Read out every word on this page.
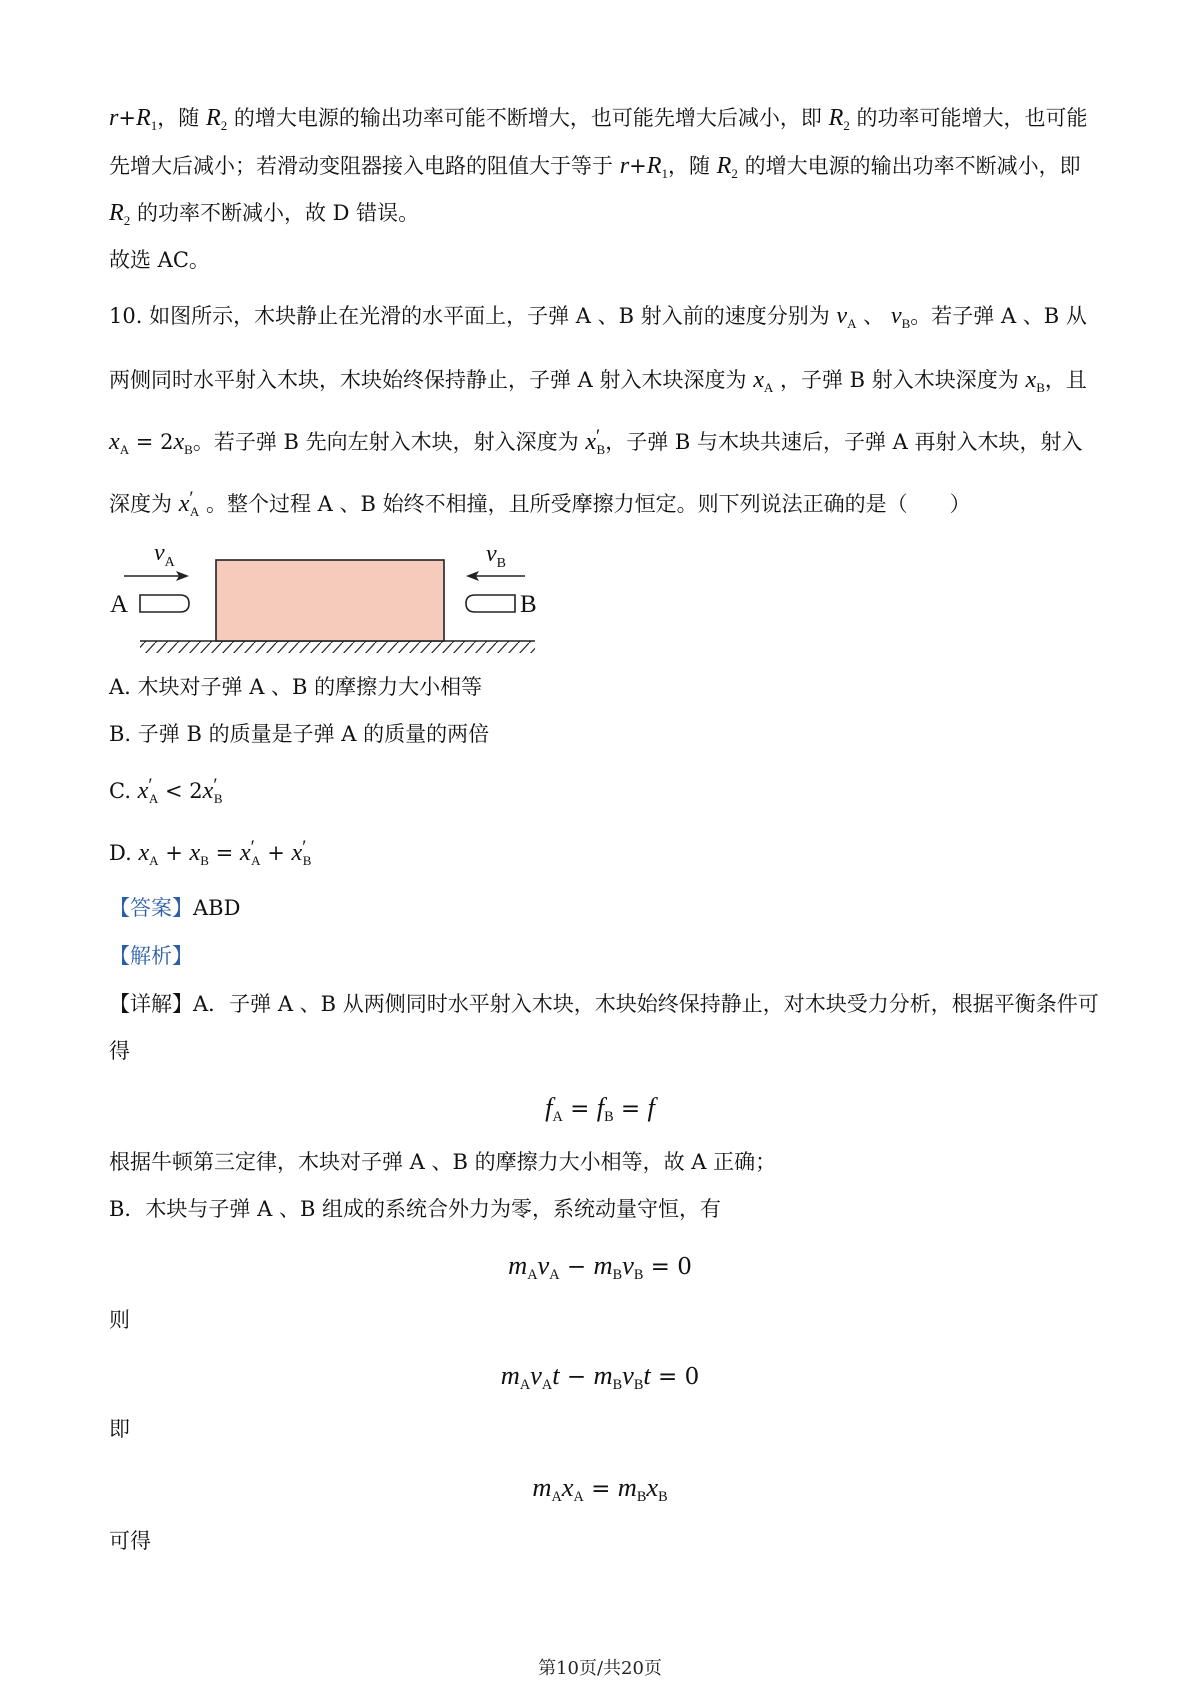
$r+R_1$，随 $R_2$ 的增大电源的输出功率可能不断增大，也可能先增大后减小，即 $R_2$ 的功率可能增大，也可能
先增大后减小；若滑动变阻器接入电路的阻值大于等于 $r+R_1$，随 $R_2$ 的增大电源的输出功率不断减小，即
$R_2$ 的功率不断减小，故 D 错误。
故选 AC。
10. 如图所示，木块静止在光滑的水平面上，子弹 A 、B 射入前的速度分别为 $v_A$ 、 $v_B$。若子弹 A 、B 从
两侧同时水平射入木块，木块始终保持静止，子弹 A 射入木块深度为 $x_A$ ，子弹 B 射入木块深度为 $x_B$，且
$x_A = 2x_B$。若子弹 B 先向左射入木块，射入深度为 $x'_B$，子弹 B 与木块共速后，子弹 A 再射入木块，射入
深度为 $x'_A$ 。整个过程 A 、B 始终不相撞，且所受摩擦力恒定。则下列说法正确的是（　　）
A
$v_A$
B
$v_B$
A. 木块对子弹 A 、B 的摩擦力大小相等
B. 子弹 B 的质量是子弹 A 的质量的两倍
C. $x'_A < 2x'_B$
D. $x_A + x_B = x'_A + x'_B$
【答案】ABD
【解析】
【详解】A．子弹 A 、B 从两侧同时水平射入木块，木块始终保持静止，对木块受力分析，根据平衡条件可
得
$f_A = f_B = f$
根据牛顿第三定律，木块对子弹 A 、B 的摩擦力大小相等，故 A 正确；
B．木块与子弹 A 、B 组成的系统合外力为零，系统动量守恒，有
$m_Av_A - m_Bv_B = 0$
则
$m_Av_At - m_Bv_Bt = 0$
即
$m_Ax_A = m_Bx_B$
可得
第10页/共20页
